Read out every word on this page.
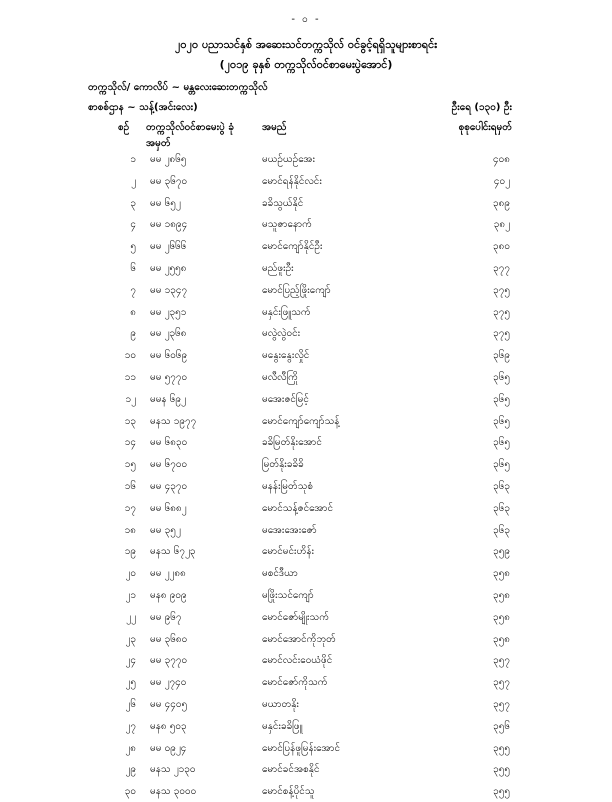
- ၀ -
၂၀၂၀ ပညာသင်နှစ် အဆေးသင်တက္ကသိုလ် ဝင်ခွင့်ရရှိသူများစာရင်း
(၂၀၁၉ ခုနှစ် တက္ကသိုလ်ဝင်စာမေးပွဲအောင်)
တက္ကသိုလ်/ ကောလိပ် ~ မန္တလေးဆေးတက္ကသိုလ်
စာစစ်ဌာန ~ သန့်(အင်းလေး)	ဦးရေ (၁၃၀) ဦး
စဉ် တက္ကသိုလ်ဝင်စာမေးပွဲ ခုံအမှတ်
အမည်	စုစုပေါင်းရမှတ်
၁ မမ ၂၈၆၅	မယဉ်ယဉ်အေး	၄၀၈
၂ မမ ၃၆၇၀	မောင်ရန်နိုင်လင်း	၄၀၂
၃ မမ ၆၅၂	ခခိသွယ်နိုင်	၃၈၉
၄ မမ ၁၈၉၄	မသူဇာနောက်	၃၈၂
၅ မမ ၂၆၆၆	မောင်ကျော်နိုင်ဦး	၃၈၀
၆ မမ ၂၅၅၈	မည်ဖူးဦး	၃၇၇
၇ မမ ၁၃၄၇	မောင်ပြည့်ဖြိုးကျော်	၃၇၅
၈ မမ ၂၃၅၁	မနှင်းဖြူသက်	၃၇၅
၉ မမ ၂၃၆၈	မလွဲလွဲဝင်း	၃၇၅
၁၀ မမ ၆၀၆၉	မနွေးနွေးလှိုင်	၃၆၉
၁၁ မမ ၅၇၇၀	မလီလီကြို	၃၆၅
၁၂ မမန ၆၉၂	မအေးဇင်မြင့်	၃၆၅
၁၃ မနသ ၁၉၇၇	မောင်ကျော်ကျော်သန့်	၃၆၅
၁၄ မမ ၆၈၃၀	ခခိမြတ်နိုးအောင်	၃၆၅
၁၅ မမ ၆၇၀၀	မြတ်နိုးခခိခိ	၃၆၅
၁၆ မမ ၄၃၇၀	မနန်းမြတ်သုစံ	၃၆၃
၁၇ မမ ၆၈၈၂	မောင်သန့်ဇင်အောင်	၃၆၃
၁၈ မမ ၃၅၂	မအေးအေးဇော်	၃၆၃
၁၉ မနသ ၆၇၂၃	မောင်မင်းဟိန်း	၃၅၉
၂၀ မမ ၂၂၈၈	မစင်ဒီယာ	၃၅၈
၂၁ မန၈ ၉၀၉	မဖြိုးသင်ကျော်	၃၅၈
၂၂ မမ ၉၆၇	မောင်ဇော်မျိုးသက်	၃၅၈
၂၃ မမ ၃၆၈၀	မောင်အောင်ကိုဘုတ်	၃၅၈
၂၄ မမ ၃၇၇၀	မောင်လင်းဝေယံဖိုင်	၃၅၇
၂၅ မမ ၂၇၄၀	မောင်ဇော်ကိုသက်	၃၅၇
၂၆ မမ ၄၄၀၅	မယာဝာနိုး	၃၅၇
၂၇ မန၈ ၅၀၃	မနှင်းခခိဖြူ	၃၅၆
၂၈ မမ ၀၉၂၄	မောင်ပြန်ဖူမြန်းအောင်	၃၅၅
၂၉ မနသ ၂၁၃၀	မောင်ခင်အစနိုင်	၃၅၅
၃၀ မနသ ၃၀၀၀	မောင်စန့်ပိုင်သူ	၃၅၅
